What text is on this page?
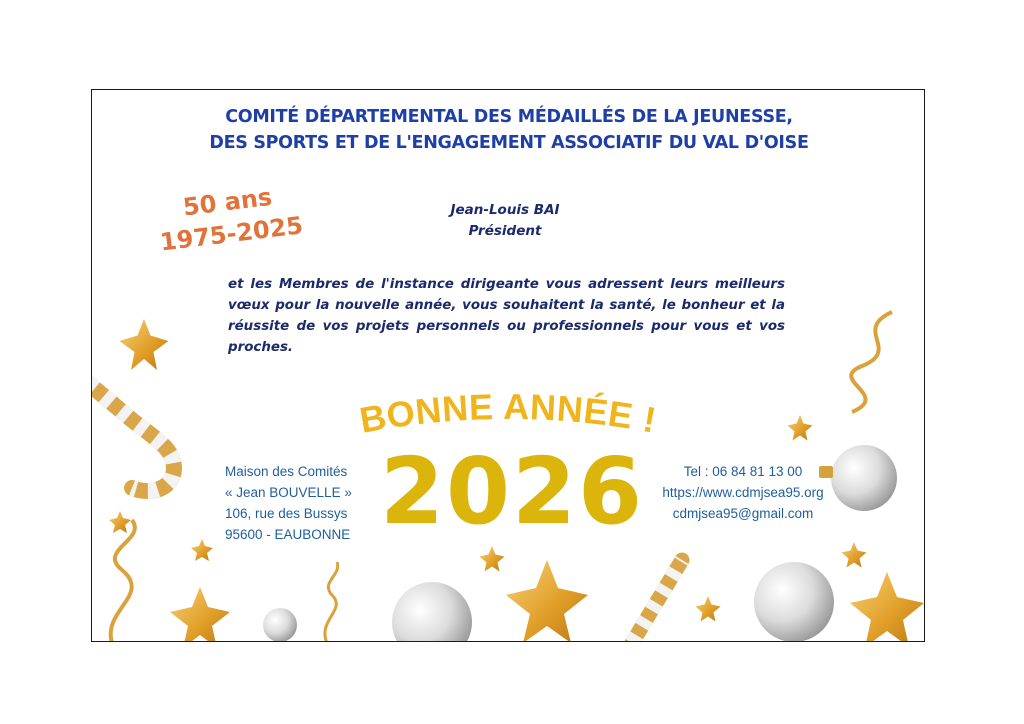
COMITÉ DÉPARTEMENTAL DES MÉDAILLÉS DE LA JEUNESSE,
DES SPORTS ET DE L'ENGAGEMENT ASSOCIATIF DU VAL D'OISE
50 ans
1975-2025
Jean-Louis BAI
Président
et les Membres de l'instance dirigeante vous adressent leurs meilleurs vœux pour la nouvelle année, vous souhaitent la santé, le bonheur et la réussite de vos projets personnels ou professionnels pour vous et vos proches.
BONNE ANNÉE !
2026
Maison des Comités
« Jean BOUVELLE »
106, rue des Bussys
95600 - EAUBONNE
Tel : 06 84 81 13 00
https://www.cdmjsea95.org
cdmjsea95@gmail.com
